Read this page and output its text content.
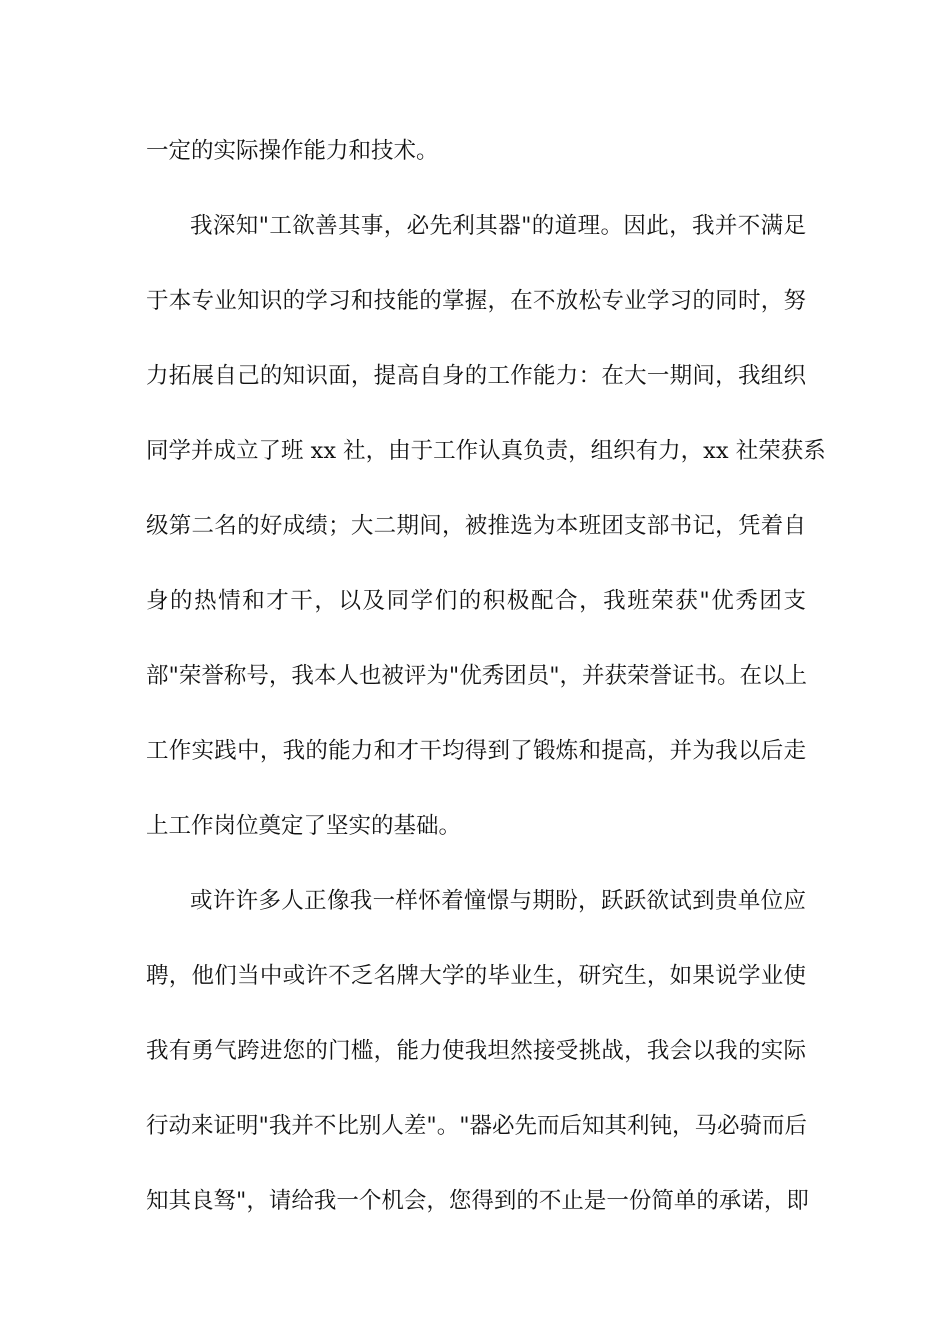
一定的实际操作能力和技术。
我深知"工欲善其事，必先利其器"的道理。因此，我并不满足
于本专业知识的学习和技能的掌握，在不放松专业学习的同时，努
力拓展自己的知识面，提高自身的工作能力：在大一期间，我组织
同学并成立了班 xx 社，由于工作认真负责，组织有力，xx 社荣获系
级第二名的好成绩；大二期间，被推选为本班团支部书记，凭着自
身的热情和才干，以及同学们的积极配合，我班荣获"优秀团支
部"荣誉称号，我本人也被评为"优秀团员"，并获荣誉证书。在以上
工作实践中，我的能力和才干均得到了锻炼和提高，并为我以后走
上工作岗位奠定了坚实的基础。
或许许多人正像我一样怀着憧憬与期盼，跃跃欲试到贵单位应
聘，他们当中或许不乏名牌大学的毕业生，研究生，如果说学业使
我有勇气跨进您的门槛，能力使我坦然接受挑战，我会以我的实际
行动来证明"我并不比别人差"。"器必先而后知其利钝，马必骑而后
知其良驽"，请给我一个机会，您得到的不止是一份简单的承诺，即
